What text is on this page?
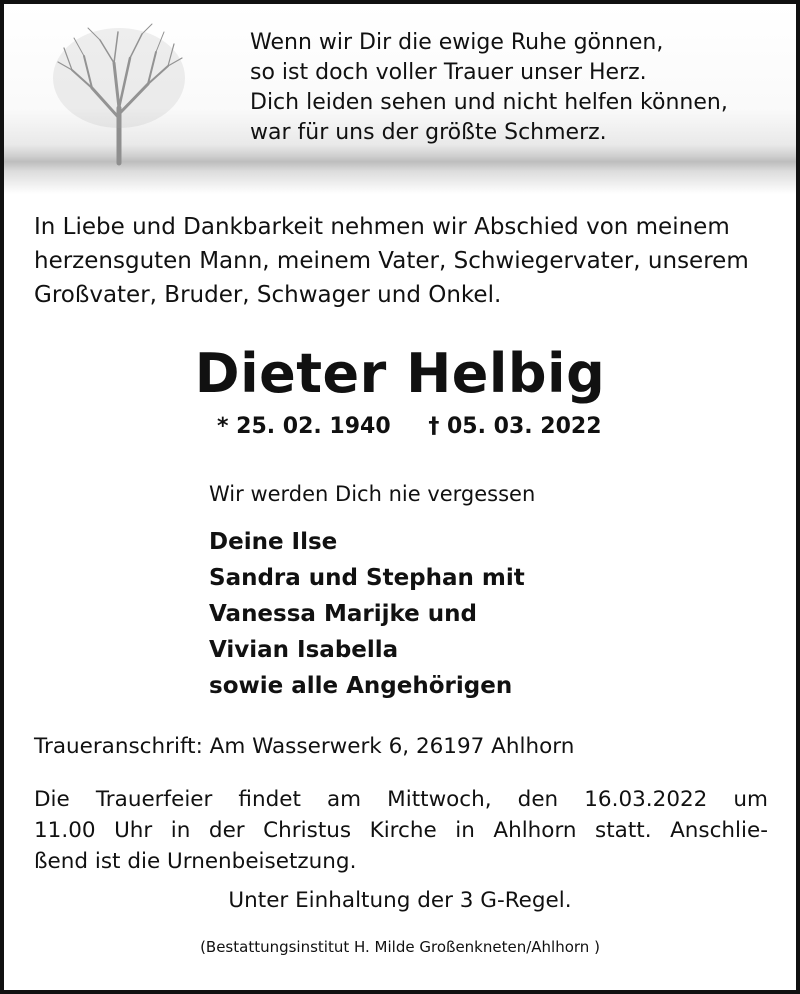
Wenn wir Dir die ewige Ruhe gönnen,
so ist doch voller Trauer unser Herz.
Dich leiden sehen und nicht helfen können,
war für uns der größte Schmerz.
In Liebe und Dankbarkeit nehmen wir Abschied von meinem
herzensguten Mann, meinem Vater, Schwiegervater, unserem
Großvater, Bruder, Schwager und Onkel.
Dieter Helbig
* 25. 02. 1940 † 05. 03. 2022
Wir werden Dich nie vergessen
Deine Ilse
Sandra und Stephan mit
Vanessa Marijke und
Vivian Isabella
sowie alle Angehörigen
Traueranschrift: Am Wasserwerk 6, 26197 Ahlhorn
Die Trauerfeier findet am Mittwoch, den 16.03.2022 um
11.00 Uhr in der Christus Kirche in Ahlhorn statt. Anschlie-
ßend ist die Urnenbeisetzung.
Unter Einhaltung der 3 G-Regel.
(Bestattungsinstitut H. Milde Großenkneten/Ahlhorn )
